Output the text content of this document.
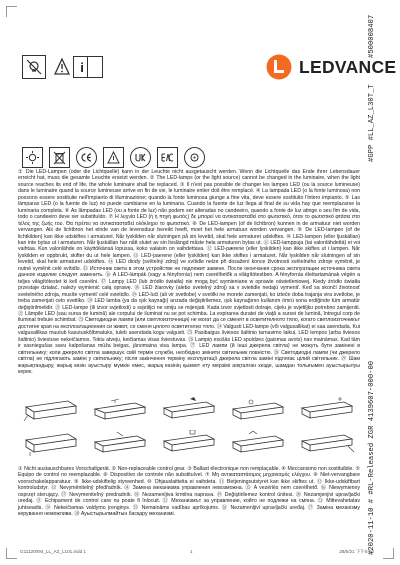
#500008407
#GPP #LL_AZ_L30T_T
#2020-11-10 # #RL-Released ZGR 4139607-000-00
i	LEDVANCE
① Die LED-Lampen (oder die Lichtquelle) kann in der Leuchte nicht ausgetauscht werden. Wenn die Lichtquelle das Ende ihrer Lebensdauer erreicht hat, muss die gesamte Leuchte ersetzt werden. ② The LED-lamps (or the light source) cannot be changed in the luminaire, when the light source reaches its end of life, the whole luminaire shall be replaced. ③ Il n'est pas possible de changer les lampes LED (ou la source lumineuse) dans le luminaire quand la source lumineuse arrive en fin de vie, le luminaire entier doit être remplacé. ④ La lampada LED (o la fonte luminosa) non possono essere sostituite nell'impianto di illuminazione; quando la fonte luminosa giunge a fine vita, deve essere sostituito l'intero impianto. ⑤ Las lámparas LED (o la fuente de luz) no puede cambiarse en la luminaria. Cuando la fuente de luz llega al final de su vida hay que reemplazarse la luminaria completa. ⑥ As lâmpadas LED (ou a fonte de luz) não podem ser alteradas no candeeiro, quando a fonte de luz atinge o seu fim de vida, todo o candeeiro deve ser substituído. ⑦ Η λυχνία LED (ή η πηγή φωτός) δε μπορεί να αντικατασταθεί στο φωτιστικό, όταν το φωτιστικό φτάσει στο τέλος της ζωής του. Θα πρέπει να αντικατασταθεί ολόκληρο το φωτιστικό. ⑧ De LED-lampen (of de lichtbron) kunnen in de armatuur niet worden vervangen. Als de lichtbron het einde van de levensduur bereikt heeft, moet het hele armatuur worden vervangen. ⑨ De LED-lampen (of de lichtkilden) kan ikke udskiftes i armaturet. Når lyskilden når slutningen på sin levetid, skal hele armaturet udskiftes. ⑩ LED-lampen (eller ljuskällan) kan inte bytas ut i armaturen. Når ljuskällan har nått slutet av sin livslängd måste hela armaturen bytas ut. ⑪ LED-lamppuja (tai valonlähdettä) ei voi vaihtaa. Kun valonlähde on käyttöikänsä lopussa, koko valaisin on vaihdettava. ⑫ LED-pærene (eller lyskilden) kan ikke skiftes ut i lampen. Når lyskilden er oppbrukt, skifter du ut hele lampen. ⑬ LED-paerene (eller lyskilden) kan ikke skiftes i armaturet. Når lyskilden når slutningen af sin levetid, skal hele armaturet udskiftes. ⑭ LED diody (světelný zdroj) ve svítidle nelze při dosažení konce životnosti světelného zdroje vyměnit, je nutné vyměnit celé svítidlo. ⑮ Источник света в этом устройстве не подлежит замене. После окончания срока эксплуатации источника света данное изделие следует заменить. ⑯ A LED-lámpák (vagy a fényforrás) nem cserélhetők a világítótestben. A fényforrás élettartamának végén a teljes világítótestet ki kell cserélni. ⑰ Lampy LED (lub źródło światła) nie mogą być wymieniane w oprawie oświetleniowej. Kiedy źródło światła przestaje działać, należy wymienić całą oprawę. ⑱ LED žiarovky (alebo svetelný zdroj) sa v svietidle nedajú vymeniť. Keď sa skončí životnosť svetelného zdroja, musíte vymeniť celé svietidlo. ⑲ LED-luči (ali vir svetlobe) v svetilki ne morete zamenjati, ko izteče doba trajanja vira svetlobe, je treba zamenjati celo svetilko. ⑳ LED lamba (ya da ışık kaynağı) arızada değiştirilemez, ışık kaynağının kullanım ömrü sona erdiğinde tüm armatür değiştirilmelidir. ㉑ LED-lampe (ili izvor svjetlosti) u svjetiljci ne smiju se mijenjati. Kada izvor svjetlosti dotraje, cijelu je svjetiljku potrebno zamijeniti. ㉒ Lămpile LED (sau sursa de lumină) ale corpului de iluminat nu se pot schimba. La expirarea duratei de viaţă a sursei de lumină, întregul corp de iluminat trebuie schimbat. ㉓ Светодиодни лампи (или светлоизточници) не могат да се сменят в осветителното тяло, когато светлоизточникът достигне края на експлоатационния си живот, се сменя цялото осветително тяло. ㉔ Valgusti LED-lampe (või valgusallikat) ei saa asendada. Kui valgusallikas muutub kasutuskõlbmatuks, tuleb asendada kogu valgusti. ㉕ Pasibaigus šviesos šaltinio tarnavimo laikui, LED lempos (arba šviesos šaltinio) šviestuve nekeičiamos. Tokiu atveju, keičiamas visas šviestuvas. ㉖ Lampiņ esošās LED spuldzes (gaismas avots) nav maināmas. Kad tām ir sasniegušas savu kalpošanas mūža beigas, jānomaina visa lampa. ㉗ LED лампи (й інші джерела світла) не можуть бути замінені в світильнику; коли джерело світла завершує свій термін служби, необхідно змінити світильник повністю. ㉘ Светодиодні лампи (чи джерело світла) не підлягають заміні у світильнику; після закінчення терміну експлуатації джерела світла заміні підлягає цілий світильник. ㉙ Шам жарықтандыру, жарық көзін ауыстыру мүмкін емес, жарық көзінің қызмет ету мерзімі аяқталған кезде, шамдан толығымен ауыстырылуы керек.
① Nicht austauschbares Vorschaltgerät. ② Non-replaceable control gear. ③ Ballast électronique non remplaçable. ④ Meccanismo non sostituibile. ⑤ Equipo de control no reemplazable. ⑥ Dispositivo de controle não substituível. ⑦ Μη αντικαταστάσιμος μηχανισμός ελέγχου. ⑧ Niet-vervangbare voorschakelapparatuur. ⑨ Ikke-udskiftelig styreenhed. ⑩ Ohjauslaitteita ei vaihdeta. ⑪ Betjeningsutstyret kan ikke skiftes ut. ⑫ Ikke-udskiftbart kontroludstyr. ⑬ Nevyměnitelný předřadník. ⑭ Замена механизма управления невозможна. ⑮ A vezérlés nem cserélhető. ⑯ Niewymienny osprzęt sterujący. ⑰ Nevymeniteľný predradník. ⑱ Nezamenljiva krmilna naprava. ⑲ Değiştirilemez kontrol ünitesi. ⑳ Nezamjenjivi upravljački uređaj. ㉑ Echipament de control care nu poate fi înlocuit. ㉒ Механизмът за управление, който не подлежи на смяна. ㉓ Mittevahetatav juhtseadis. ㉔ Nekeičiamas valdymo įrenginys. ㉕ Nemaināms vadības aprīkojums. ㉖ Nezamenljivi upravljački uređaj. ㉗ Заміна механізму керування неможлива. ㉘ Ауыстырылмайтын басқару механизмі.
G11120094_LL_AZ_L101.indd 1	1	28/5/21 下午5:12
